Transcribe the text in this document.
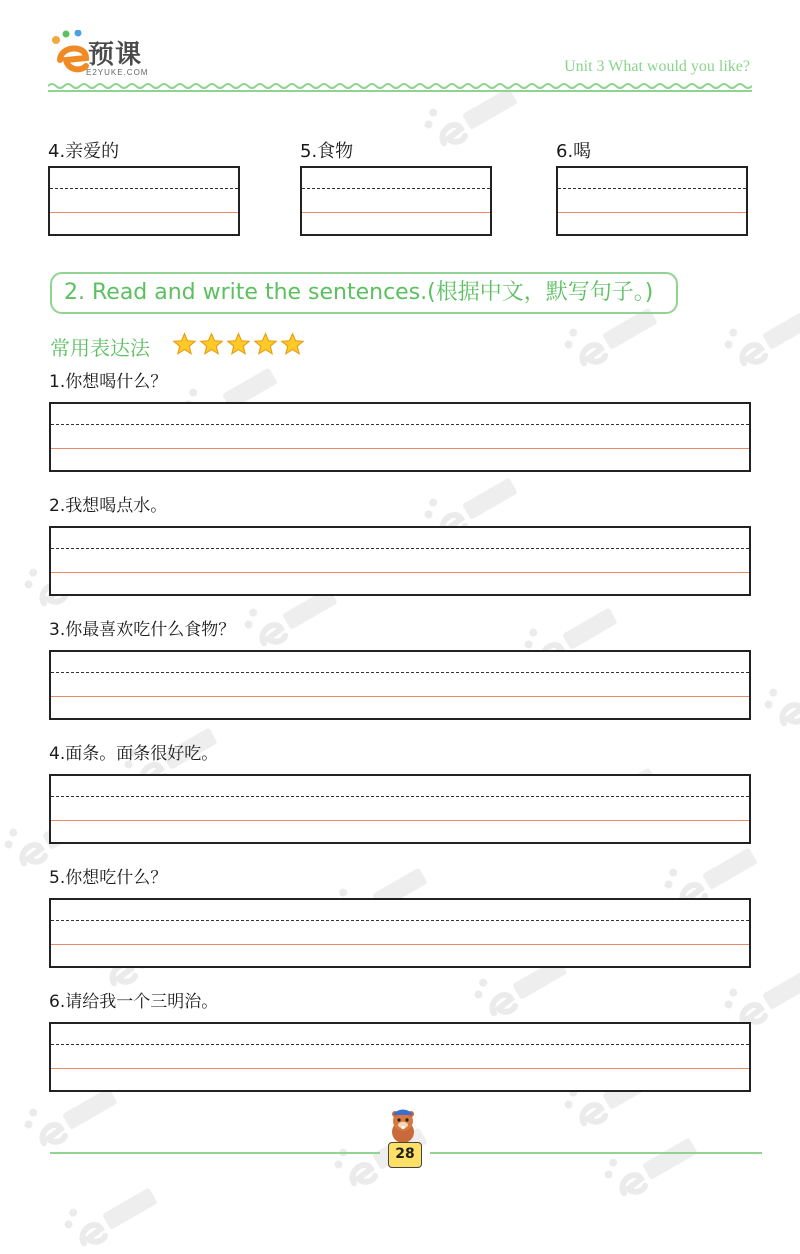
预课
E2YUKE.COM	Unit 3 What would you like?
4.亲爱的	5.食物	6.喝
2. Read and write the sentences.(根据中文，默写句子。)
常用表达法
1.你想喝什么？
2.我想喝点水。
3.你最喜欢吃什么食物？
4.面条。面条很好吃。
5.你想吃什么？
6.请给我一个三明治。
28
